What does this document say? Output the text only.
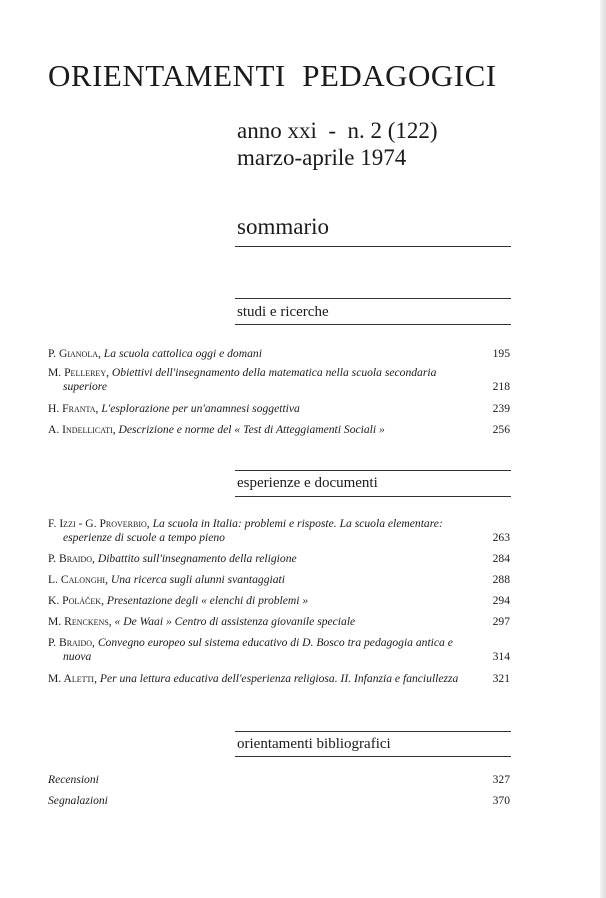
ORIENTAMENTI  PEDAGOGICI
anno xxi  -  n. 2 (122)
marzo-aprile 1974
sommario
studi e ricerche
P. Gianola, La scuola cattolica oggi e domani	195
M. Pellerey, Obiettivi dell'insegnamento della matematica nella scuola secondaria superiore	218
H. Franta, L'esplorazione per un'anamnesi soggettiva	239
A. Indellicati, Descrizione e norme del « Test di Atteggiamenti Sociali »	256
esperienze e documenti
F. Izzi - G. Proverbio, La scuola in Italia: problemi e risposte. La scuola elementare: esperienze di scuole a tempo pieno	263
P. Braido, Dibattito sull'insegnamento della religione	284
L. Calonghi, Una ricerca sugli alunni svantaggiati	288
K. Poláček, Presentazione degli « elenchi di problemi »	294
M. Renckens, « De Waai » Centro di assistenza giovanile speciale	297
P. Braido, Convegno europeo sul sistema educativo di D. Bosco tra pedagogia antica e nuova	314
M. Aletti, Per una lettura educativa dell'esperienza religiosa. II. Infanzia e fanciullezza	321
orientamenti bibliografici
Recensioni	327
Segnalazioni	370
